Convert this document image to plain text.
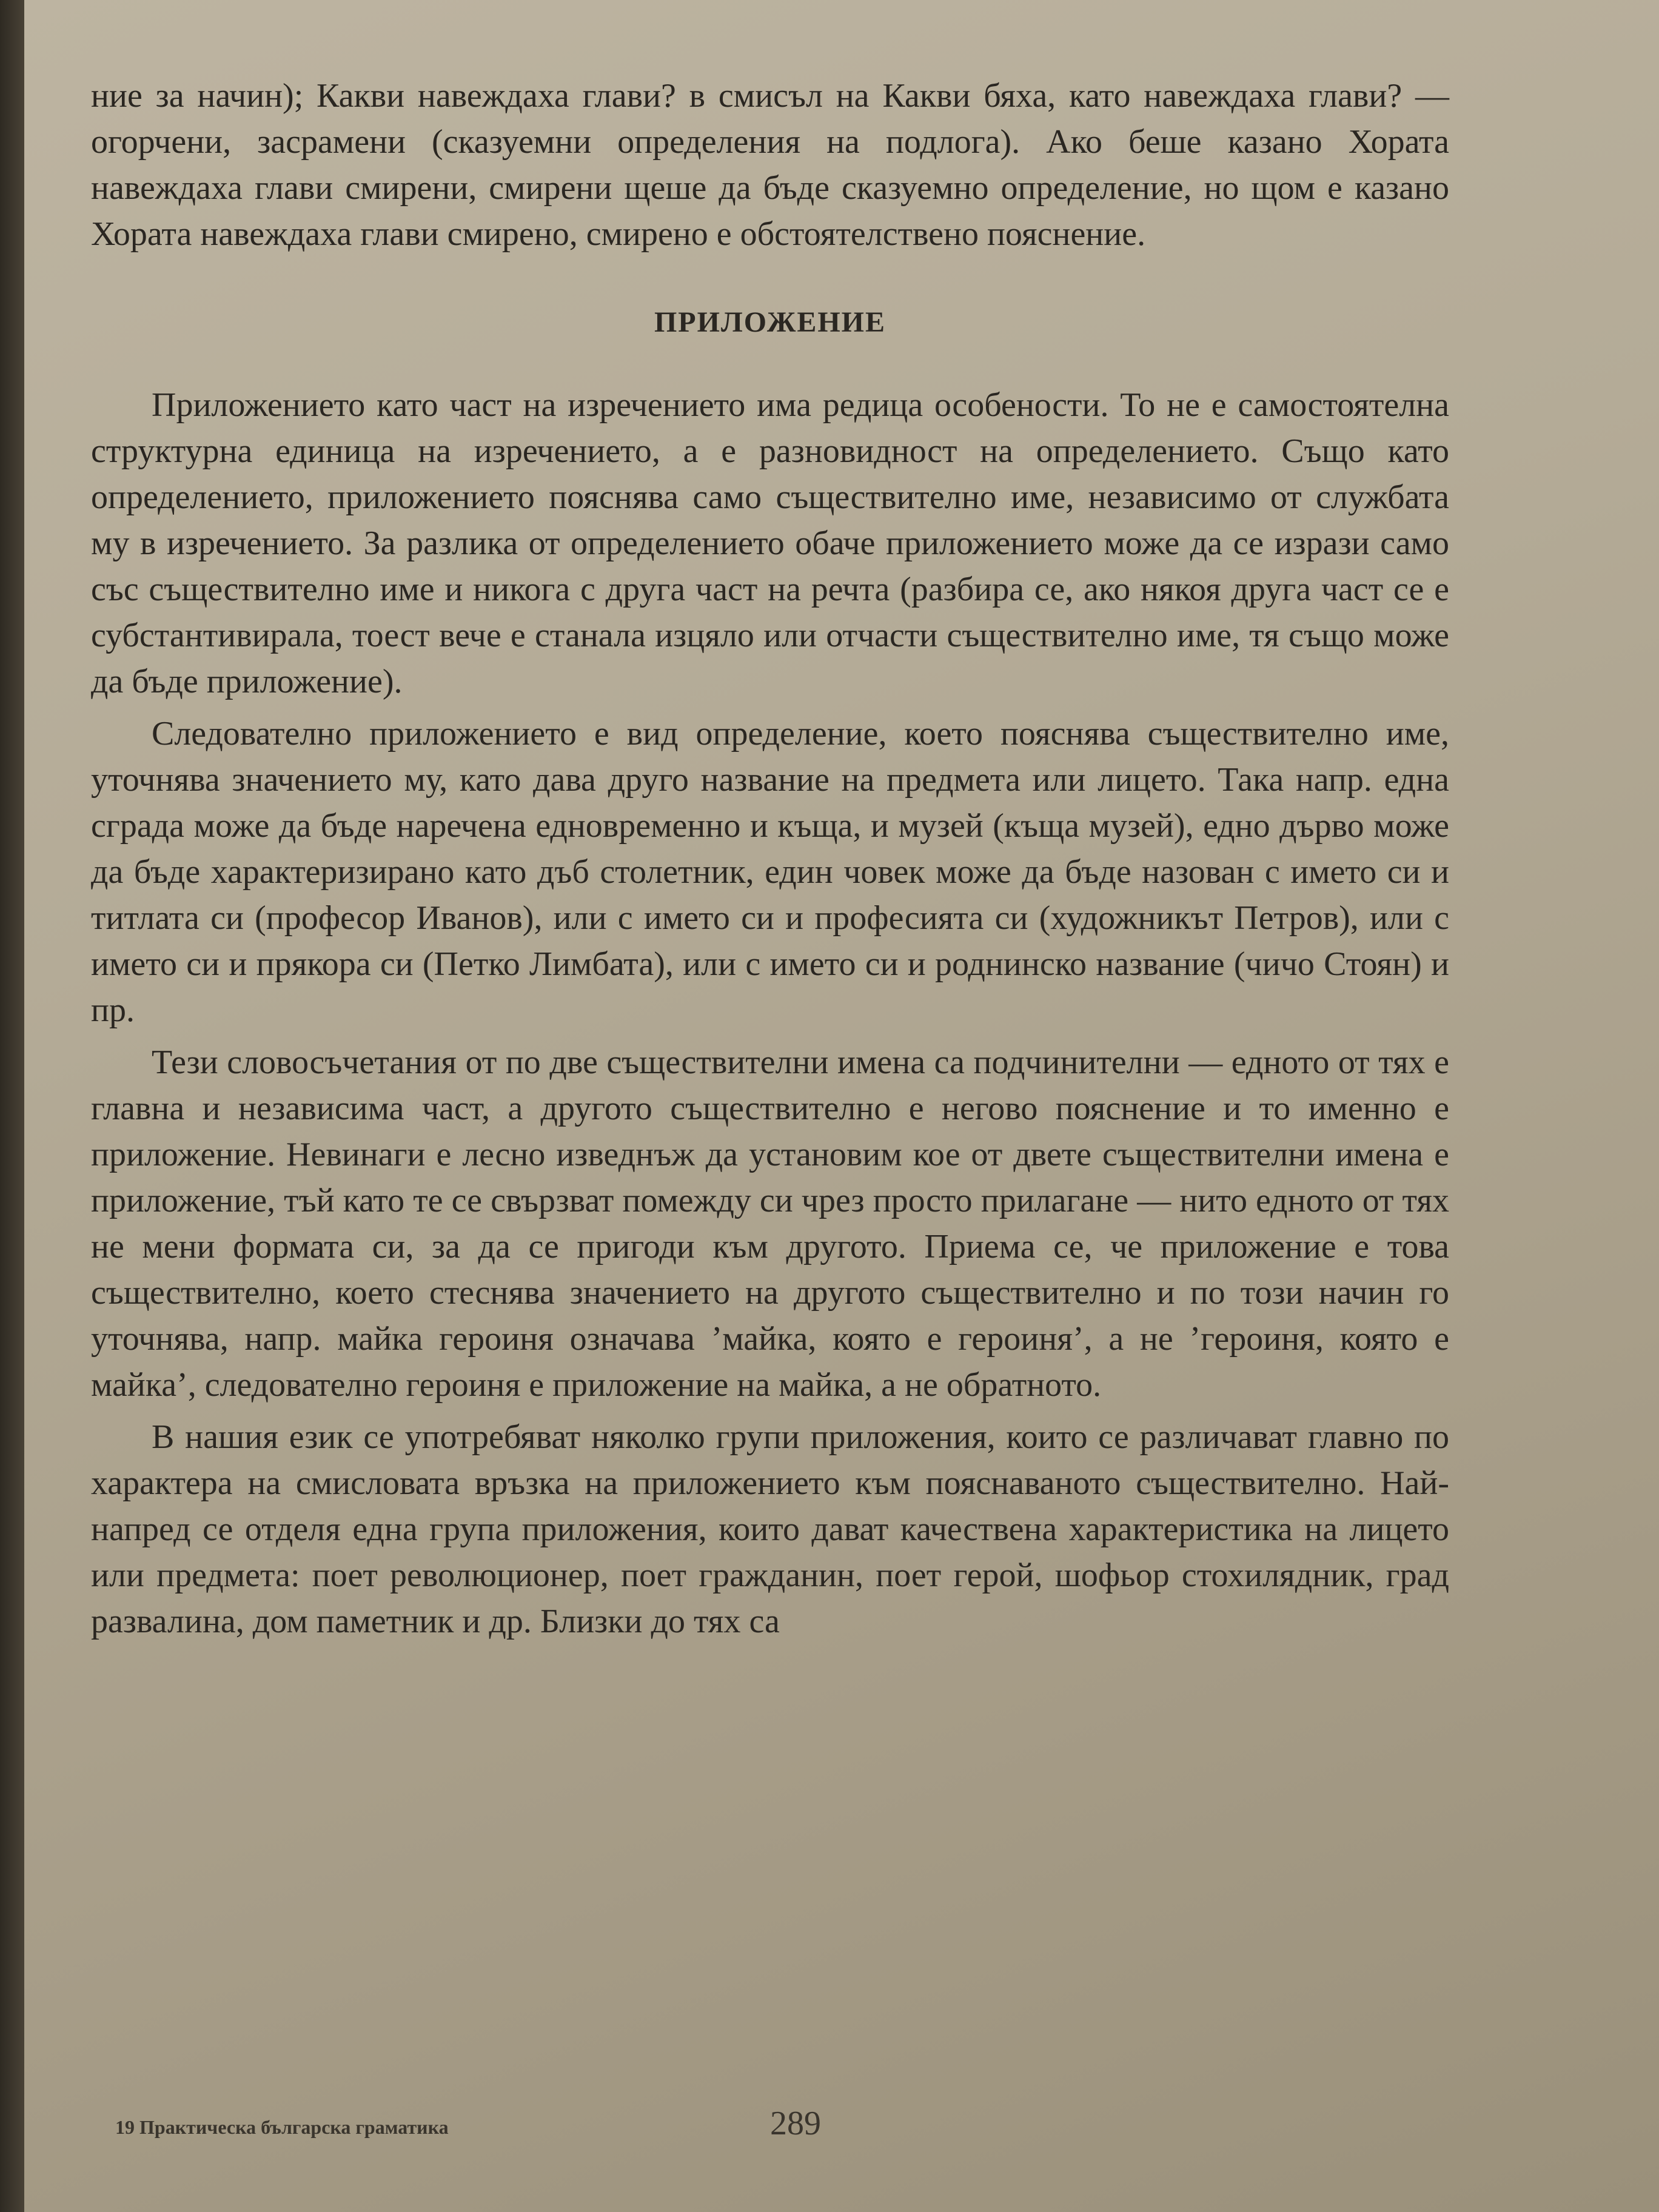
ние за начин); Какви навеждаха глави? в смисъл на Какви бяха, като навеждаха глави? — огорчени, засрамени (сказуемни определения на подлога). Ако беше казано Хората навеждаха глави смирени, смирени щеше да бъде сказуемно определение, но щом е казано Хората навеждаха глави смирено, смирено е обстоятелствено пояснение.

ПРИЛОЖЕНИЕ

Приложението като част на изречението има редица особености. То не е самостоятелна структурна единица на изречението, а е разновидност на определението. Също като определението, приложението пояснява само съществително име, независимо от службата му в изречението. За разлика от определението обаче приложението може да се изрази само със съществително име и никога с друга част на речта (разбира се, ако някоя друга част се е субстантивирала, тоест вече е станала изцяло или отчасти съществително име, тя също може да бъде приложение).

Следователно приложението е вид определение, което пояснява съществително име, уточнява значението му, като дава друго название на предмета или лицето. Така напр. една сграда може да бъде наречена едновременно и къща, и музей (къща музей), едно дърво може да бъде характеризирано като дъб столетник, един човек може да бъде назован с името си и титлата си (професор Иванов), или с името си и професията си (художникът Петров), или с името си и прякора си (Петко Лимбата), или с името си и роднинско название (чичо Стоян) и пр.

Тези словосъчетания от по две съществителни имена са подчинителни — едното от тях е главна и независима част, а другото съществително е негово пояснение и то именно е приложение. Невинаги е лесно изведнъж да установим кое от двете съществителни имена е приложение, тъй като те се свързват помежду си чрез просто прилагане — нито едното от тях не мени формата си, за да се пригоди към другото. Приема се, че приложение е това съществително, което стеснява значението на другото съществително и по този начин го уточнява, напр. майка героиня означава ’майка, която е героиня’, а не ’героиня, която е майка’, следователно героиня е приложение на майка, а не обратното.

В нашия език се употребяват няколко групи приложения, които се различават главно по характера на смисловата връзка на приложението към пояснаваното съществително. Най-напред се отделя една група приложения, които дават качествена характеристика на лицето или предмета: поет революционер, поет гражданин, поет герой, шофьор стохилядник, град развалина, дом паметник и др. Близки до тях са

19 Практическа българска граматика	289
